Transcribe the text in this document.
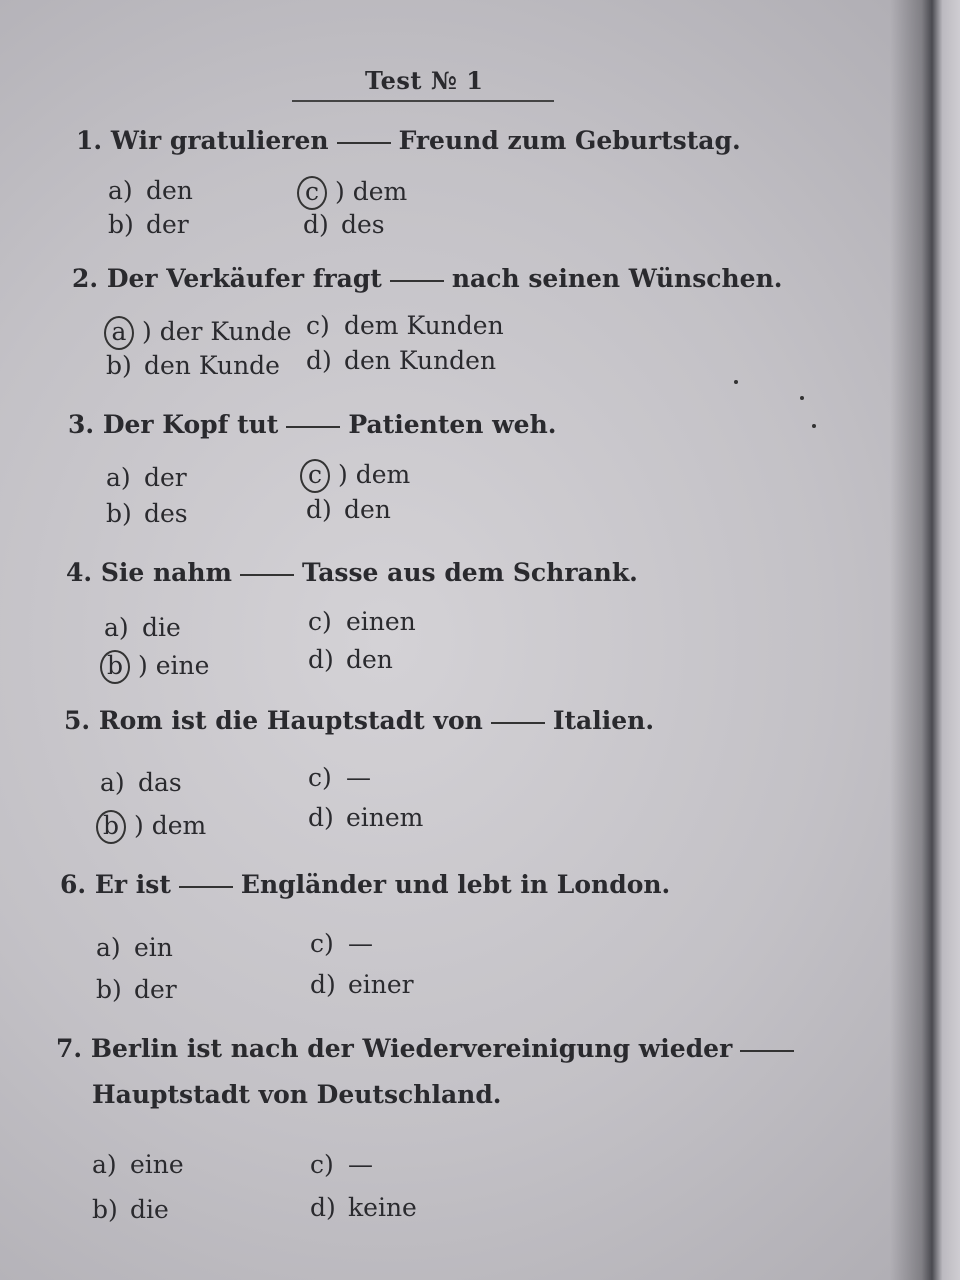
Test № 1
1. Wir gratulieren	Freund zum Geburtstag.
a) den
b) der
c ) dem
d) des
2. Der Verkäufer fragt	nach seinen Wünschen.
a ) der Kunde
b) den Kunde
c) dem Kunden
d) den Kunden
3. Der Kopf tut	Patienten weh.
a) der
b) des
c ) dem
d) den
4. Sie nahm	Tasse aus dem Schrank.
a) die
b ) eine
c) einen
d) den
5. Rom ist die Hauptstadt von	Italien.
a) das
b ) dem
c) —
d) einem
6. Er ist	Engländer und lebt in London.
a) ein
b) der
c) —
d) einer
7. Berlin ist nach der Wiedervereinigung wieder
Hauptstadt von Deutschland.
a) eine
b) die
c) —
d) keine
